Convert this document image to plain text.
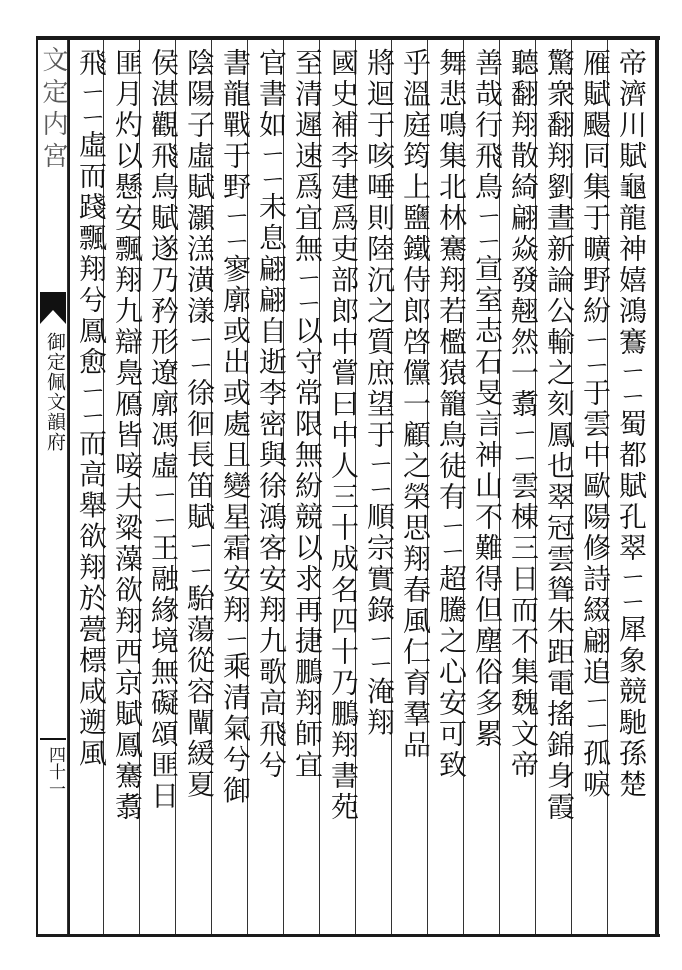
文定内宮
御定佩文韻府
四十一	帝濟川賦龜龍神嬉鴻鶱ㄧㄧ蜀都賦孔翠ㄧㄧ犀象競馳孫楚
雁賦颺同集于曠野紛ㄧㄧ于雲中歐陽修詩綴翩追ㄧㄧ孤唳
驚衆翻翔劉晝新論公輸之刻鳳也翠冠雲聳朱距電搖錦身霞
聽翻翔散綺翩焱發翹然一翥ㄧㄧ雲棟三日而不集魏文帝
善哉行飛鳥ㄧㄧ宣室志石旻言神山不難得但塵俗多累
舞悲鳴集北林騫翔若檻猿籠鳥徒有ㄧㄧ超騰之心安可致
乎溫庭筠上鹽鐵侍郎啓儻一顧之榮思翔春風仁育羣品
將迴于咳唾則陸沉之質庶望于ㄧㄧ順宗實錄ㄧㄧ淹翔
國史補李建爲吏部郎中嘗曰中人三十成名四十乃鵬翔書苑
至清遲速爲宜無ㄧㄧ以守常限無紛競以求再捷鵬翔師宜
官書如ㄧㄧ未息翩翩自逝李密與徐鴻客安翔九歌高飛兮
書龍戰于野ㄧㄧ寥廓或出或處且變星霜安翔ㄧ乘清氣兮御
陰陽子虛賦灝溔潢漾ㄧㄧ徐徊長笛賦ㄧㄧ駘蕩從容闡緩夏
侯湛觀飛鳥賦遂乃矜形遼廓馮虛ㄧㄧ王融緣境無礙頌匪日
匪月灼以懸安飄翔九辯鳧鴈皆唼夫粱藻欲翔西京賦鳳騫翥
飛ㄧㄧ虛而踐飄翔兮鳳愈ㄧㄧ而高舉欲翔於甍標咸遡風
